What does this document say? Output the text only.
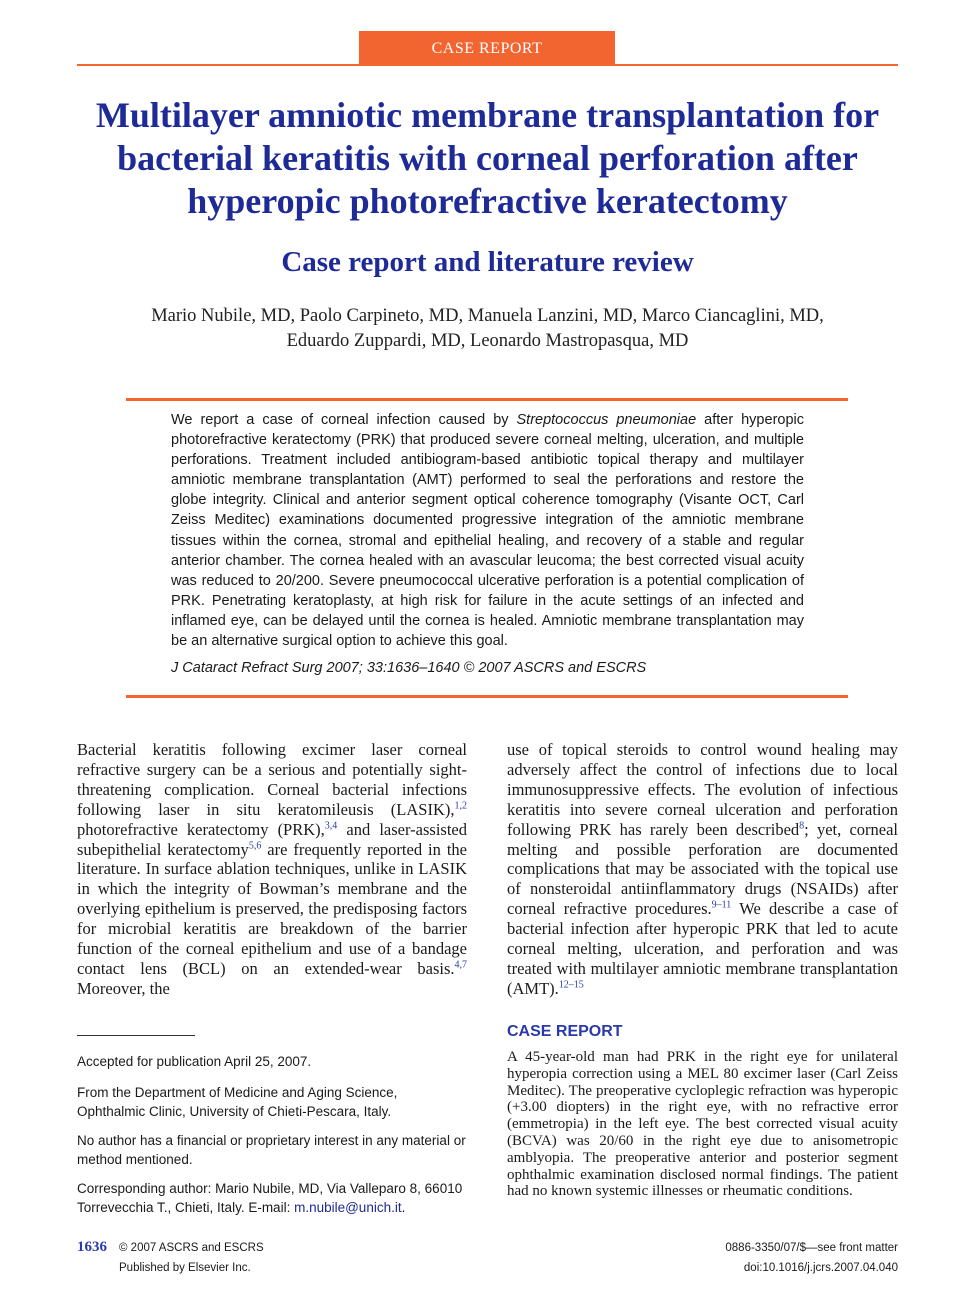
CASE REPORT
Multilayer amniotic membrane transplantation for bacterial keratitis with corneal perforation after hyperopic photorefractive keratectomy
Case report and literature review
Mario Nubile, MD, Paolo Carpineto, MD, Manuela Lanzini, MD, Marco Ciancaglini, MD,
Eduardo Zuppardi, MD, Leonardo Mastropasqua, MD
We report a case of corneal infection caused by Streptococcus pneumoniae after hyperopic photorefractive keratectomy (PRK) that produced severe corneal melting, ulceration, and multiple perforations. Treatment included antibiogram-based antibiotic topical therapy and multilayer amniotic membrane transplantation (AMT) performed to seal the perforations and restore the globe integrity. Clinical and anterior segment optical coherence tomography (Visante OCT, Carl Zeiss Meditec) examinations documented progressive integration of the amniotic membrane tissues within the cornea, stromal and epithelial healing, and recovery of a stable and regular anterior chamber. The cornea healed with an avascular leucoma; the best corrected visual acuity was reduced to 20/200. Severe pneumococcal ulcerative perforation is a potential complication of PRK. Penetrating keratoplasty, at high risk for failure in the acute settings of an infected and inflamed eye, can be delayed until the cornea is healed. Amniotic membrane transplantation may be an alternative surgical option to achieve this goal.
J Cataract Refract Surg 2007; 33:1636–1640 © 2007 ASCRS and ESCRS
Bacterial keratitis following excimer laser corneal refractive surgery can be a serious and potentially sight-threatening complication. Corneal bacterial infections following laser in situ keratomileusis (LASIK),$^{1,2}$ photorefractive keratectomy (PRK),$^{3,4}$ and laser-assisted subepithelial keratectomy$^{5,6}$ are frequently reported in the literature. In surface ablation techniques, unlike in LASIK in which the integrity of Bowman’s membrane and the overlying epithelium is preserved, the predisposing factors for microbial keratitis are breakdown of the barrier function of the corneal epithelium and use of a bandage contact lens (BCL) on an extended-wear basis.$^{4,7}$ Moreover, the
use of topical steroids to control wound healing may adversely affect the control of infections due to local immunosuppressive effects. The evolution of infectious keratitis into severe corneal ulceration and perforation following PRK has rarely been described$^8$; yet, corneal melting and possible perforation are documented complications that may be associated with the topical use of nonsteroidal antiinflammatory drugs (NSAIDs) after corneal refractive procedures.$^{9-11}$ We describe a case of bacterial infection after hyperopic PRK that led to acute corneal melting, ulceration, and perforation and was treated with multilayer amniotic membrane transplantation (AMT).$^{12-15}$
Accepted for publication April 25, 2007.
From the Department of Medicine and Aging Science, Ophthalmic Clinic, University of Chieti-Pescara, Italy.
No author has a financial or proprietary interest in any material or method mentioned.
Corresponding author: Mario Nubile, MD, Via Valleparo 8, 66010 Torrevecchia T., Chieti, Italy. E-mail: m.nubile@unich.it.
CASE REPORT
A 45-year-old man had PRK in the right eye for unilateral hyperopia correction using a MEL 80 excimer laser (Carl Zeiss Meditec). The preoperative cycloplegic refraction was hyperopic (+3.00 diopters) in the right eye, with no refractive error (emmetropia) in the left eye. The best corrected visual acuity (BCVA) was 20/60 in the right eye due to anisometropic amblyopia. The preoperative anterior and posterior segment ophthalmic examination disclosed normal findings. The patient had no known systemic illnesses or rheumatic conditions.
1636 © 2007 ASCRS and ESCRS
Published by Elsevier Inc.
0886-3350/07/$—see front matter
doi:10.1016/j.jcrs.2007.04.040
